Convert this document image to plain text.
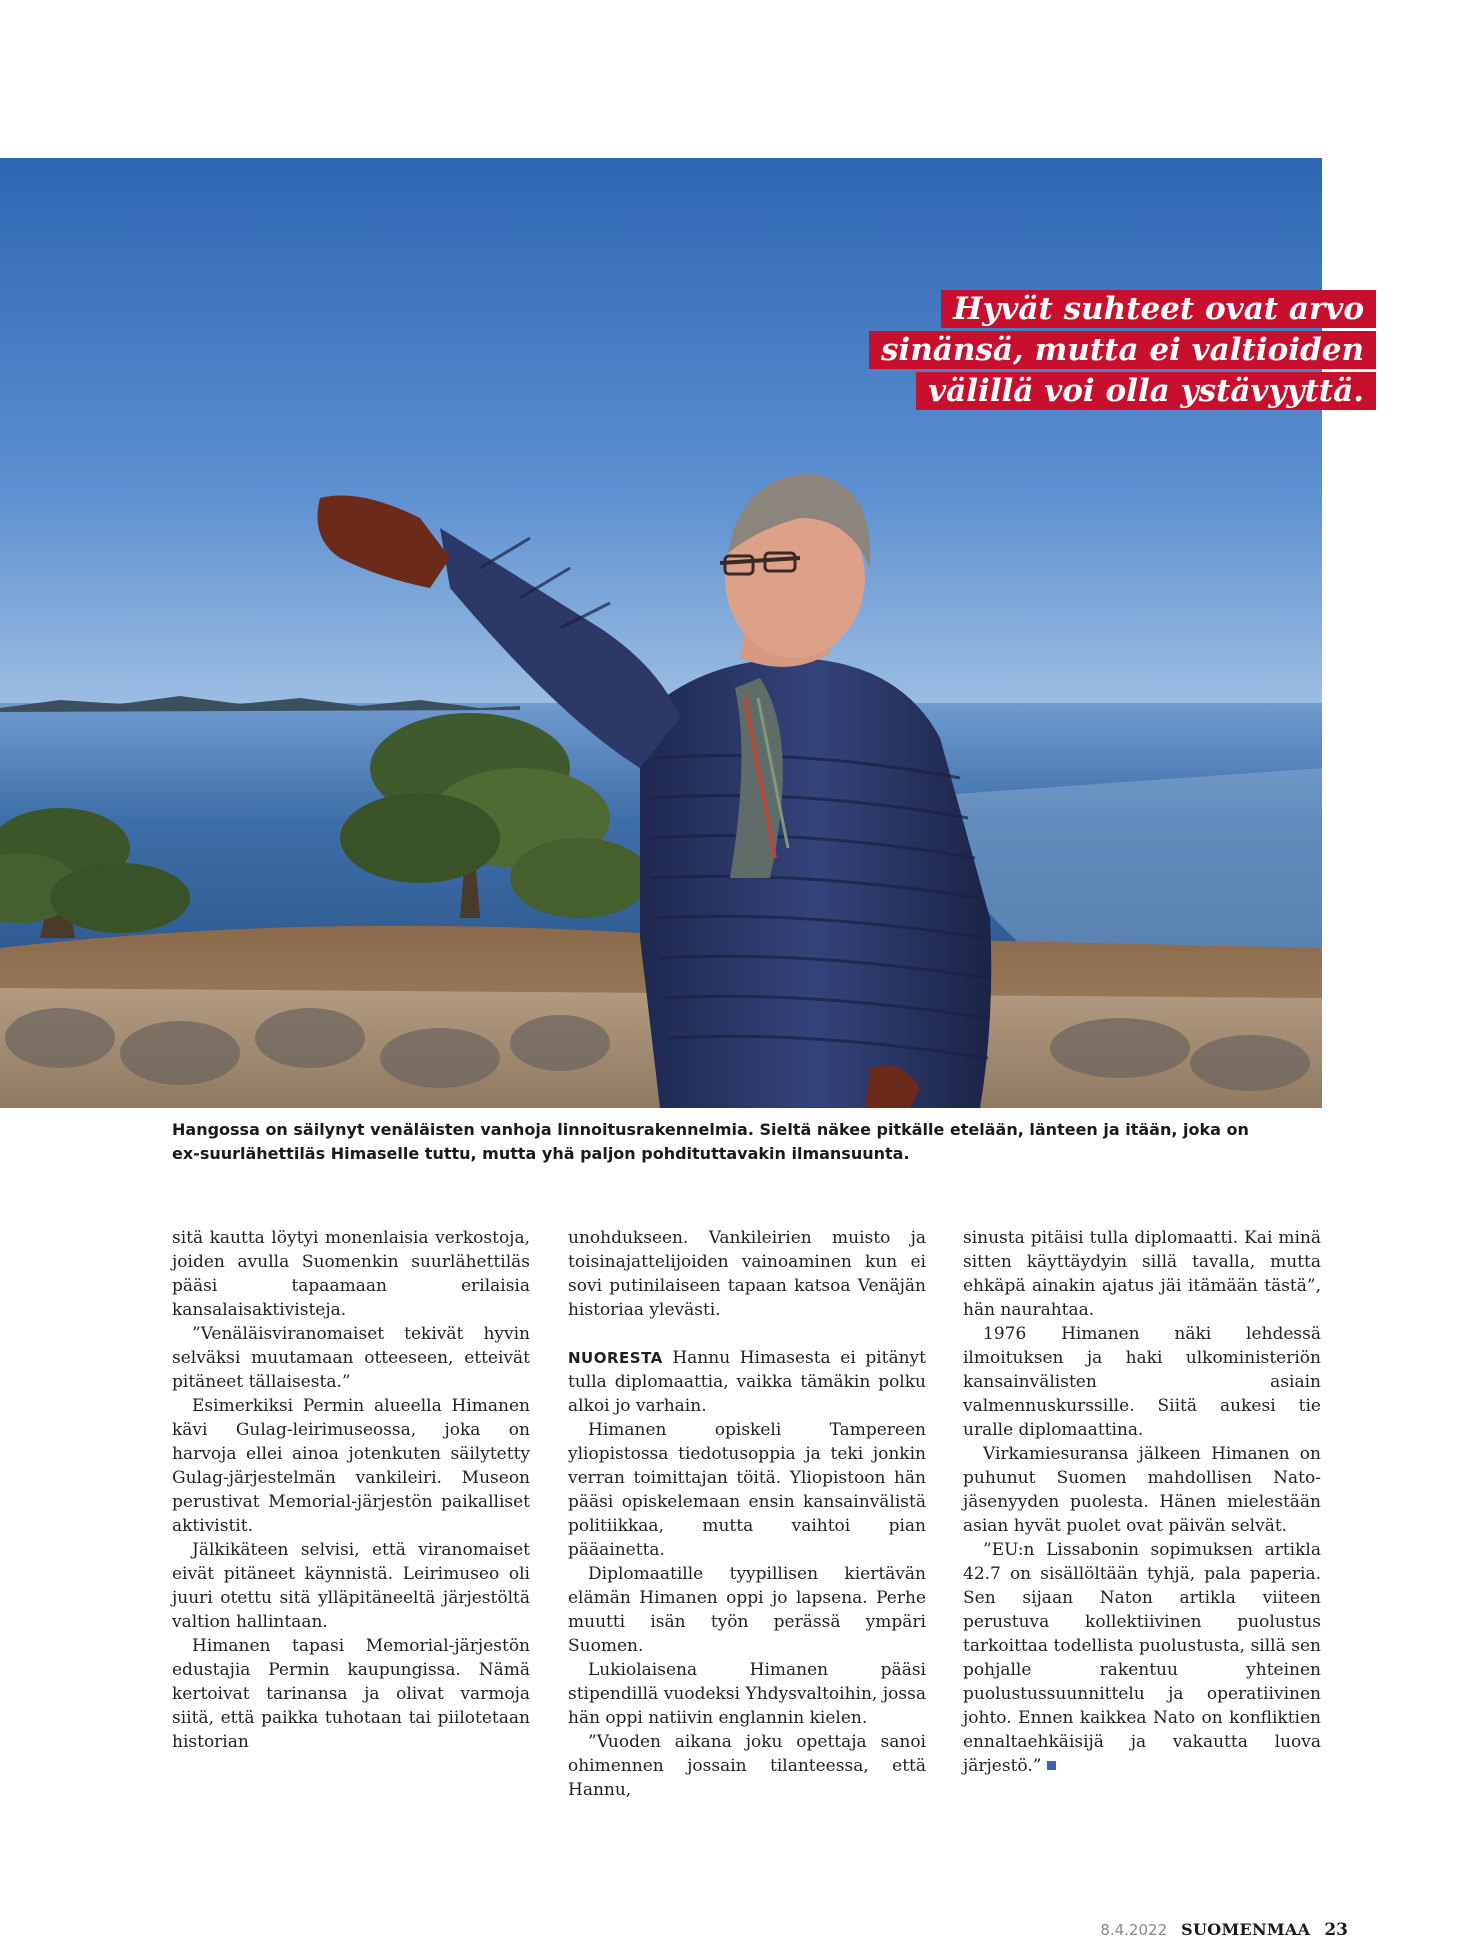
Hyvät suhteet ovat arvo
sinänsä, mutta ei valtioiden
välillä voi olla ystävyyttä.
Hangossa on säilynyt venäläisten vanhoja linnoitusrakennelmia. Sieltä näkee pitkälle etelään, länteen ja itään, joka on ex-suurlähettiläs Himaselle tuttu, mutta yhä paljon pohdituttavakin ilmansuunta.

sitä kautta löytyi monenlaisia verkostoja, joiden avulla Suomenkin suurlähettiläs pääsi tapaamaan erilaisia kansalaisaktivisteja.

”Venäläisviranomaiset tekivät hyvin selväksi muutamaan otteeseen, etteivät pitäneet tällaisesta.”

Esimerkiksi Permin alueella Himanen kävi Gulag-leirimuseossa, joka on harvoja ellei ainoa jotenkuten säilytetty Gulag-järjestelmän vankileiri. Museon perustivat Memorial-järjestön paikalliset aktivistit.

Jälkikäteen selvisi, että viranomaiset eivät pitäneet käynnistä. Leirimuseo oli juuri otettu sitä ylläpitäneeltä järjestöltä valtion hallintaan.

Himanen tapasi Memorial-järjestön edustajia Permin kaupungissa. Nämä kertoivat tarinansa ja olivat varmoja siitä, että paikka tuhotaan tai piilotetaan historian

unohdukseen. Vankileirien muisto ja toisinajattelijoiden vainoaminen kun ei sovi putinilaiseen tapaan katsoa Venäjän historiaa ylevästi.

NUORESTA Hannu Himasesta ei pitänyt tulla diplomaattia, vaikka tämäkin polku alkoi jo varhain.

Himanen opiskeli Tampereen yliopistossa tiedotusoppia ja teki jonkin verran toimittajan töitä. Yliopistoon hän pääsi opiskelemaan ensin kansainvälistä politiikkaa, mutta vaihtoi pian pääainetta.

Diplomaatille tyypillisen kiertävän elämän Himanen oppi jo lapsena. Perhe muutti isän työn perässä ympäri Suomen.

Lukiolaisena Himanen pääsi stipendillä vuodeksi Yhdysvaltoihin, jossa hän oppi natiivin englannin kielen.

”Vuoden aikana joku opettaja sanoi ohimennen jossain tilanteessa, että Hannu,

sinusta pitäisi tulla diplomaatti. Kai minä sitten käyttäydyin sillä tavalla, mutta ehkäpä ainakin ajatus jäi itämään tästä”, hän naurahtaa.

1976 Himanen näki lehdessä ilmoituksen ja haki ulkoministeriön kansainvälisten asiain valmennuskurssille. Siitä aukesi tie uralle diplomaattina.

Virkamiesuransa jälkeen Himanen on puhunut Suomen mahdollisen Nato-jäsenyyden puolesta. Hänen mielestään asian hyvät puolet ovat päivän selvät.

”EU:n Lissabonin sopimuksen artikla 42.7 on sisällöltään tyhjä, pala paperia. Sen sijaan Naton artikla viiteen perustuva kollektiivinen puolustus tarkoittaa todellista puolustusta, sillä sen pohjalle rakentuu yhteinen puolustussuunnittelu ja operatiivinen johto. Ennen kaikkea Nato on konfliktien ennaltaehkäisijä ja vakautta luova järjestö.”

8.4.2022 SUOMENMAA 23
